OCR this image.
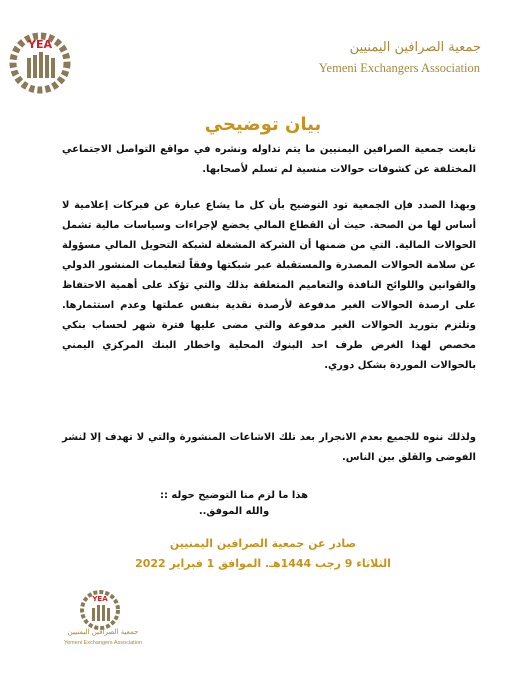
YEA	جمعية الصرافين اليمنيين
Yemeni Exchangers Association
بيان توضيحي

تابعت جمعية الصرافين اليمنيين ما يتم تداوله ونشره في مواقع التواصل الاجتماعي المختلفة عن كشوفات حوالات منسية لم تسلم لأصحابها.

وبهذا الصدد فإن الجمعية تود التوضيح بأن كل ما يشاع عبارة عن فبركات إعلامية لا أساس لها من الصحة. حيث أن القطاع المالي يخضع لإجراءات وسياسات مالية تشمل الحوالات المالية. التي من ضمنها أن الشركة المشغلة لشبكة التحويل المالي مسؤولة عن سلامة الحوالات المصدرة والمستقبلة عبر شبكتها وفقاً لتعليمات المنشور الدولي والقوانين واللوائح النافذة والتعاميم المتعلقة بذلك والتي تؤكد على أهمية الاحتفاظ على ارصدة الحوالات الغير مدفوعة لأرصدة نقدية بنفس عملتها وعدم استثمارها. وتلتزم بتوريد الحوالات الغير مدفوعة والتي مضى عليها فترة شهر لحساب بنكي مخصص لهذا الغرض طرف احد البنوك المحلية واخطار البنك المركزي اليمني بالحوالات الموردة بشكل دوري.

ولذلك ننوه للجميع بعدم الانجرار بعد تلك الاشاعات المنشورة والتي لا تهدف إلا لنشر الفوضى والقلق بين الناس.

هذا ما لزم منا التوضيح حوله ::
والله الموفق..
صادر عن جمعية الصرافين اليمنيين
الثلاثاء 9 رجب 1444هـ. الموافق 1 فبراير 2022
YEA
جمعية الصرافين اليمنيين
Yemeni Exchangers Association
